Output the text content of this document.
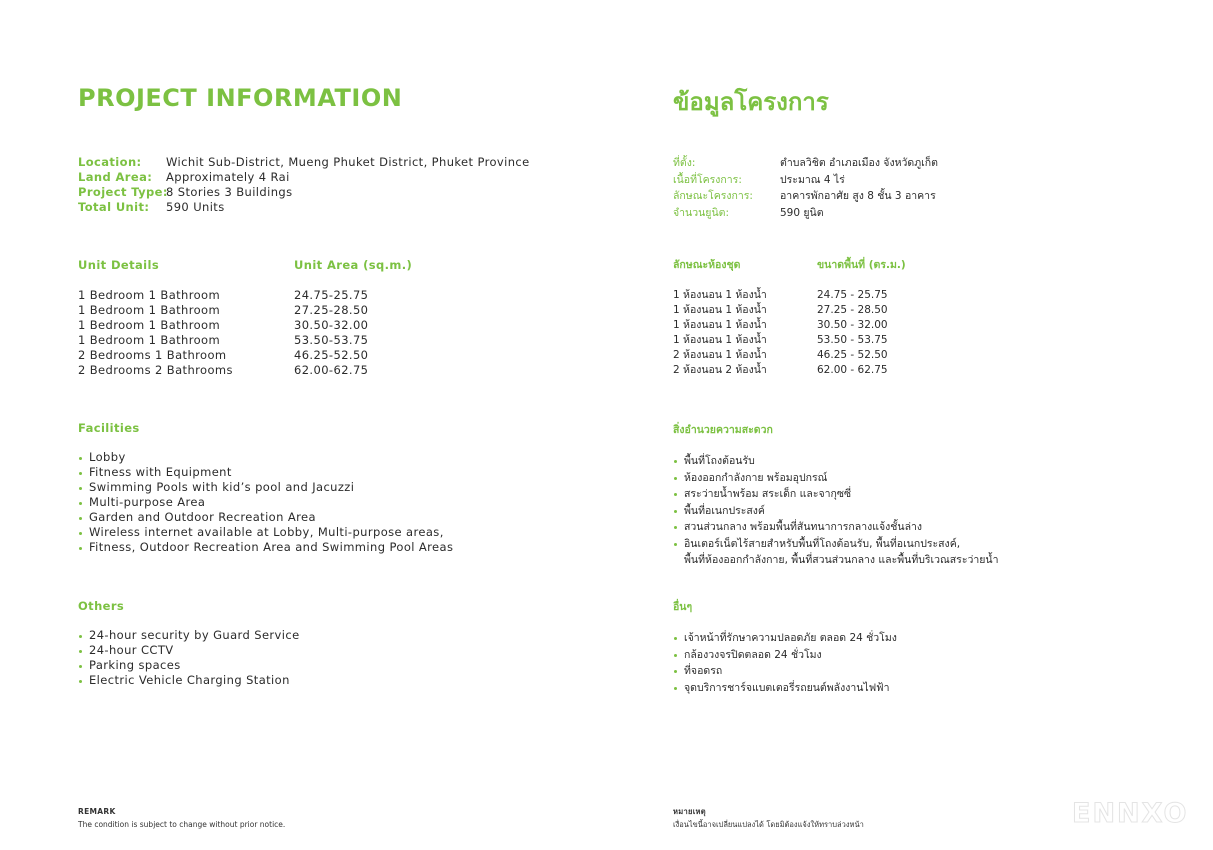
PROJECT INFORMATION
Location:	Wichit Sub-District, Mueng Phuket District, Phuket Province
Land Area:	Approximately 4 Rai
Project Type:
8 Stories 3 Buildings
Total Unit:	590 Units
Unit Details	Unit Area (sq.m.)
1 Bedroom 1 Bathroom	24.75-25.75
1 Bedroom 1 Bathroom	27.25-28.50
1 Bedroom 1 Bathroom	30.50-32.00
1 Bedroom 1 Bathroom	53.50-53.75
2 Bedrooms 1 Bathroom	46.25-52.50
2 Bedrooms 2 Bathrooms	62.00-62.75
Facilities
Lobby
Fitness with Equipment
Swimming Pools with kid’s pool and Jacuzzi
Multi-purpose Area
Garden and Outdoor Recreation Area
Wireless internet available at Lobby, Multi-purpose areas,
Fitness, Outdoor Recreation Area and Swimming Pool Areas
Others
24-hour security by Guard Service
24-hour CCTV
Parking spaces
Electric Vehicle Charging Station
REMARK
The condition is subject to change without prior notice.
ข้อมูลโครงการ
ที่ตั้ง:	ตำบลวิชิต อำเภอเมือง จังหวัดภูเก็ต
เนื้อที่โครงการ:	ประมาณ 4 ไร่
ลักษณะโครงการ:	อาคารพักอาศัย สูง 8 ชั้น 3 อาคาร
จำนวนยูนิต:	590 ยูนิต
ลักษณะห้องชุด	ขนาดพื้นที่ (ตร.ม.)
1 ห้องนอน 1 ห้องน้ำ	24.75 - 25.75
1 ห้องนอน 1 ห้องน้ำ	27.25 - 28.50
1 ห้องนอน 1 ห้องน้ำ	30.50 - 32.00
1 ห้องนอน 1 ห้องน้ำ	53.50 - 53.75
2 ห้องนอน 1 ห้องน้ำ	46.25 - 52.50
2 ห้องนอน 2 ห้องน้ำ	62.00 - 62.75
สิ่งอำนวยความสะดวก
พื้นที่โถงต้อนรับ
ห้องออกกำลังกาย พร้อมอุปกรณ์
สระว่ายน้ำพร้อม สระเด็ก และจากุซซี่
พื้นที่อเนกประสงค์
สวนส่วนกลาง พร้อมพื้นที่สันทนาการกลางแจ้งชั้นล่าง
อินเตอร์เน็ตไร้สายสำหรับพื้นที่โถงต้อนรับ, พื้นที่อเนกประสงค์,
พื้นที่ห้องออกกำลังกาย, พื้นที่สวนส่วนกลาง และพื้นที่บริเวณสระว่ายน้ำ
อื่นๆ
เจ้าหน้าที่รักษาความปลอดภัย ตลอด 24 ชั่วโมง
กล้องวงจรปิดตลอด 24 ชั่วโมง
ที่จอดรถ
จุดบริการชาร์จแบตเตอรี่รถยนต์พลังงานไฟฟ้า
หมายเหตุ
เงื่อนไขนี้อาจเปลี่ยนแปลงได้ โดยมิต้องแจ้งให้ทราบล่วงหน้า	ENNXO
